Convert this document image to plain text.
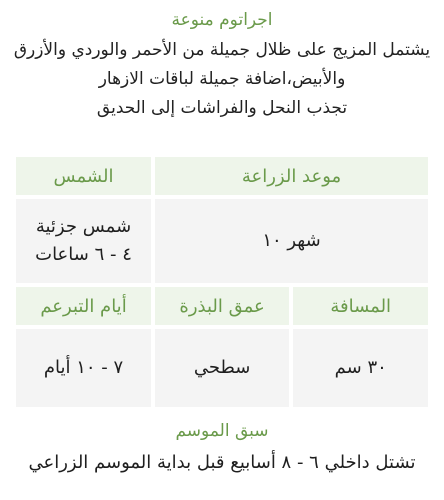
اجراتوم منوعة
يشتمل المزيج على ظلال جميلة من الأحمر والوردي والأزرق
والأبيض،اضافة جميلة لباقات الازهار
تجذب النحل والفراشات إلى الحديق
موعد الزراعة
الشمس
شهر ١٠
شمس جزئية
٤ - ٦ ساعات
المسافة
عمق البذرة
أيام التبرعم
٣٠ سم
سطحي
٧ - ١٠ أيام
سبق الموسم
تشتل داخلي ٦ - ٨ أسابيع قبل بداية الموسم الزراعي
